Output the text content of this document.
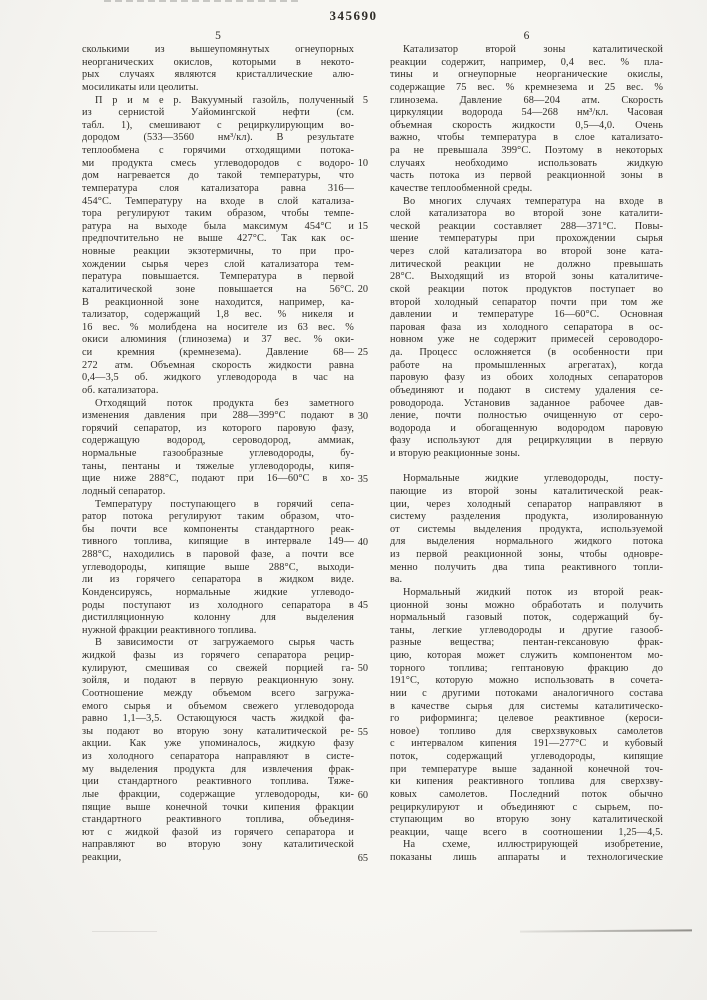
345690
5	6
сколькими из вышеупомянутых огнеупорных
неорганических окислов, которыми в некото-
рых случаях являются кристаллические алю-
мосиликаты или цеолиты.
П р и м е р. Вакуумный газойль, полученный
из сернистой Уайомингской нефти (см.
табл. 1), смешивают с рециркулирующим во-
дородом (533—3560 нм³/кл). В результате
теплообмена с горячими отходящими потока-
ми продукта смесь углеводородов с водоро-
дом нагревается до такой температуры, что
температура слоя катализатора равна 316—
454°С. Температуру на входе в слой катализа-
тора регулируют таким образом, чтобы темпе-
ратура на выходе была максимум 454°С и
предпочтительно не выше 427°С. Так как ос-
новные реакции экзотермичны, то при про-
хождении сырья через слой катализатора тем-
пература повышается. Температура в первой
каталитической зоне повышается на 56°С.
В реакционной зоне находится, например, ка-
тализатор, содержащий 1,8 вес. % никеля и
16 вес. % молибдена на носителе из 63 вес. %
окиси алюминия (глинозема) и 37 вес. % оки-
си кремния (кремнезема). Давление 68—
272 атм. Объемная скорость жидкости равна
0,4—3,5 об. жидкого углеводорода в час на
об. катализатора.
Отходящий поток продукта без заметного
изменения давления при 288—399°С подают в
горячий сепаратор, из которого паровую фазу,
содержащую водород, сероводород, аммиак,
нормальные газообразные углеводороды, бу-
таны, пентаны и тяжелые углеводороды, кипя-
щие ниже 288°С, подают при 16—60°С в хо-
лодный сепаратор.
Температуру поступающего в горячий сепа-
ратор потока регулируют таким образом, что-
бы почти все компоненты стандартного реак-
тивного топлива, кипящие в интервале 149—
288°С, находились в паровой фазе, а почти все
углеводороды, кипящие выше 288°С, выходи-
ли из горячего сепаратора в жидком виде.
Конденсируясь, нормальные жидкие углеводо-
роды поступают из холодного сепаратора в
дистилляционную колонну для выделения
нужной фракции реактивного топлива.
В зависимости от загружаемого сырья часть
жидкой фазы из горячего сепаратора рецир-
кулируют, смешивая со свежей порцией га-
зойля, и подают в первую реакционную зону.
Соотношение между объемом всего загружа-
емого сырья и объемом свежего углеводорода
равно 1,1—3,5. Остающуюся часть жидкой фа-
зы подают во вторую зону каталитической ре-
акции. Как уже упоминалось, жидкую фазу
из холодного сепаратора направляют в систе-
му выделения продукта для извлечения фрак-
ции стандартного реактивного топлива. Тяже-
лые фракции, содержащие углеводороды, ки-
пящие выше конечной точки кипения фракции
стандартного реактивного топлива, объединя-
ют с жидкой фазой из горячего сепаратора и
направляют во вторую зону каталитической
реакции,
5
10
15
20
25
30
35
40
45
50
55
60
65
Катализатор второй зоны каталитической
реакции содержит, например, 0,4 вес. % пла-
тины и огнеупорные неорганические окислы,
содержащие 75 вес. % кремнезема и 25 вес. %
глинозема. Давление 68—204 атм. Скорость
циркуляции водорода 54—268 нм³/кл. Часовая
объемная скорость жидкости 0,5—4,0. Очень
важно, чтобы температура в слое катализато-
ра не превышала 399°С. Поэтому в некоторых
случаях необходимо использовать жидкую
часть потока из первой реакционной зоны в
качестве теплообменной среды.
Во многих случаях температура на входе в
слой катализатора во второй зоне каталити-
ческой реакции составляет 288—371°С. Повы-
шение температуры при прохождении сырья
через слой катализатора во второй зоне ката-
литической реакции не должно превышать
28°С. Выходящий из второй зоны каталитиче-
ской реакции поток продуктов поступает во
второй холодный сепаратор почти при том же
давлении и температуре 16—60°С. Основная
паровая фаза из холодного сепаратора в ос-
новном уже не содержит примесей сероводоро-
да. Процесс осложняется (в особенности при
работе на промышленных агрегатах), когда
паровую фазу из обоих холодных сепараторов
объединяют и подают в систему удаления се-
роводорода. Установив заданное рабочее дав-
ление, почти полностью очищенную от серо-
водорода и обогащенную водородом паровую
фазу используют для рециркуляции в первую
и вторую реакционные зоны.
Нормальные жидкие углеводороды, посту-
пающие из второй зоны каталитической реак-
ции, через холодный сепаратор направляют в
систему разделения продукта, изолированную
от системы выделения продукта, используемой
для выделения нормального жидкого потока
из первой реакционной зоны, чтобы одновре-
менно получить два типа реактивного топли-
ва.
Нормальный жидкий поток из второй реак-
ционной зоны можно обработать и получить
нормальный газовый поток, содержащий бу-
таны, легкие углеводороды и другие газооб-
разные вещества; пентан-гексановую фрак-
цию, которая может служить компонентом мо-
торного топлива; гептановую фракцию до
191°С, которую можно использовать в сочета-
нии с другими потоками аналогичного состава
в качестве сырья для системы каталитическо-
го риформинга; целевое реактивное (кероси-
новое) топливо для сверхзвуковых самолетов
с интервалом кипения 191—277°С и кубовый
поток, содержащий углеводороды, кипящие
при температуре выше заданной конечной точ-
ки кипения реактивного топлива для сверхзву-
ковых самолетов. Последний поток обычно
рециркулируют и объединяют с сырьем, по-
ступающим во вторую зону каталитической
реакции, чаще всего в соотношении 1,25—4,5.
На схеме, иллюстрирующей изобретение,
показаны лишь аппараты и технологические
